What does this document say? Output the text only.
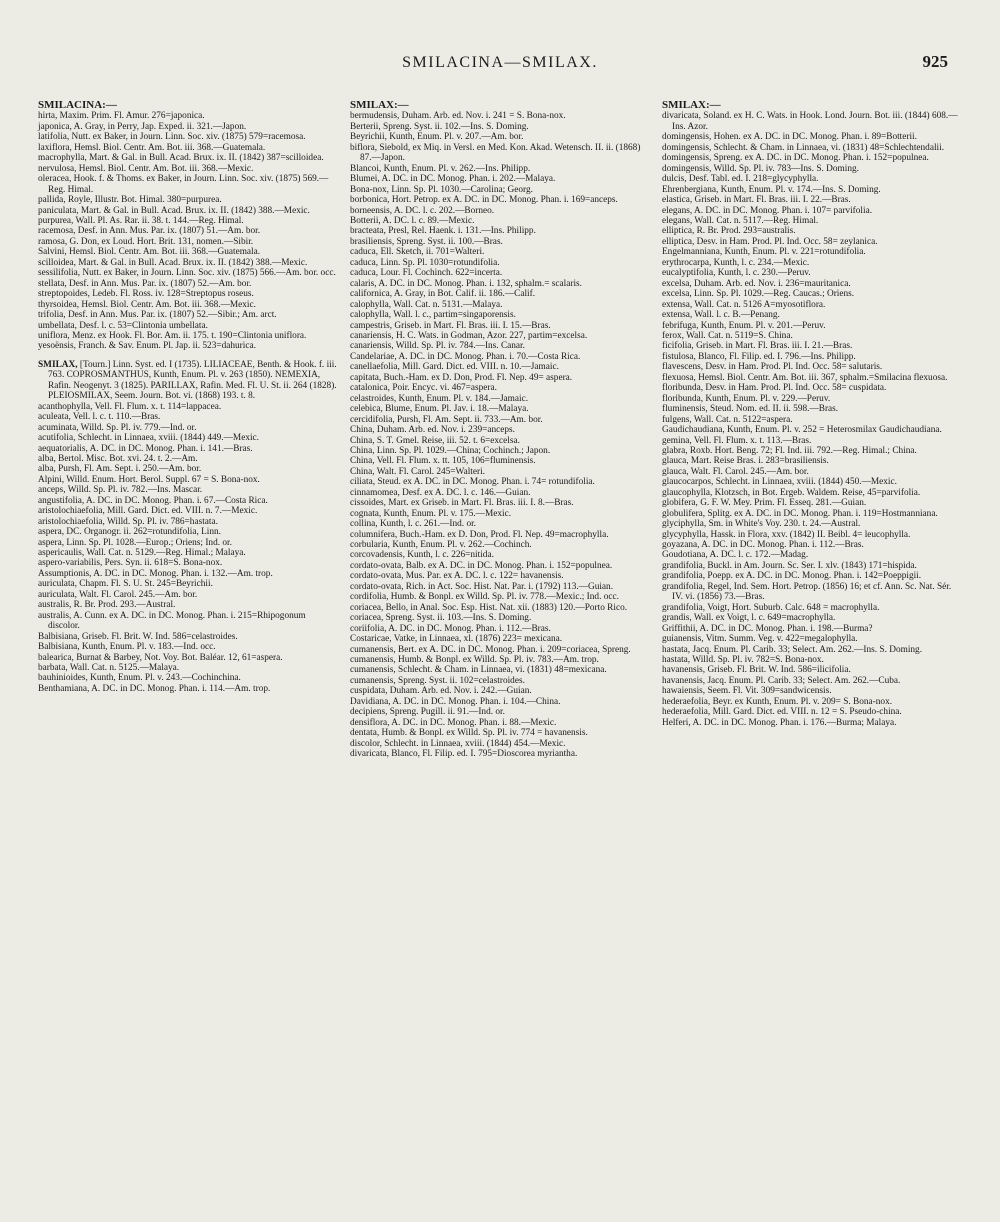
SMILACINA—SMILAX.	925
SMILACINA:—
hirta, Maxim. Prim. Fl. Amur. 276=japonica.
japonica, A. Gray, in Perry, Jap. Exped. ii. 321.—Japon.
latifolia, Nutt. ex Baker, in Journ. Linn. Soc. xiv. (1875) 579=racemosa.
laxiflora, Hemsl. Biol. Centr. Am. Bot. iii. 368.—Guatemala.
macrophylla, Mart. & Gal. in Bull. Acad. Brux. ix. II. (1842) 387=scilloidea.
nervulosa, Hemsl. Biol. Centr. Am. Bot. iii. 368.—Mexic.
oleracea, Hook. f. & Thoms. ex Baker, in Journ. Linn. Soc. xiv. (1875) 569.—Reg. Himal.
pallida, Royle, Illustr. Bot. Himal. 380=purpurea.
paniculata, Mart. & Gal. in Bull. Acad. Brux. ix. II. (1842) 388.—Mexic.
purpurea, Wall. Pl. As. Rar. ii. 38. t. 144.—Reg. Himal.
racemosa, Desf. in Ann. Mus. Par. ix. (1807) 51.—Am. bor.
ramosa, G. Don, ex Loud. Hort. Brit. 131, nomen.—Sibir.
Salvini, Hemsl. Biol. Centr. Am. Bot. iii. 368.—Guatemala.
scilloidea, Mart. & Gal. in Bull. Acad. Brux. ix. II. (1842) 388.—Mexic.
sessilifolia, Nutt. ex Baker, in Journ. Linn. Soc. xiv. (1875) 566.—Am. bor. occ.
stellata, Desf. in Ann. Mus. Par. ix. (1807) 52.—Am. bor.
streptopoides, Ledeb. Fl. Ross. iv. 128=Streptopus roseus.
thyrsoidea, Hemsl. Biol. Centr. Am. Bot. iii. 368.—Mexic.
trifolia, Desf. in Ann. Mus. Par. ix. (1807) 52.—Sibir.; Am. arct.
umbellata, Desf. l. c. 53=Clintonia umbellata.
uniflora, Menz. ex Hook. Fl. Bor. Am. ii. 175. t. 190=Clintonia uniflora.
yesoënsis, Franch. & Sav. Enum. Pl. Jap. ii. 523=dahurica.
SMILAX, [Tourn.] Linn. Syst. ed. I (1735). LILIACEAE, Benth. & Hook. f. iii. 763. COPROSMANTHUS, Kunth, Enum. Pl. v. 263 (1850). NEMEXIA, Rafin. Neogenyt. 3 (1825). PARILLAX, Rafin. Med. Fl. U. St. ii. 264 (1828). PLEIOSMILAX, Seem. Journ. Bot. vi. (1868) 193. t. 8.
acanthophylla, Vell. Fl. Flum. x. t. 114=lappacea.
aculeata, Vell. l. c. t. 110.—Bras.
acuminata, Willd. Sp. Pl. iv. 779.—Ind. or.
acutifolia, Schlecht. in Linnaea, xviii. (1844) 449.—Mexic.
aequatorialis, A. DC. in DC. Monog. Phan. i. 141.—Bras.
alba, Bertol. Misc. Bot. xvi. 24. t. 2.—Am.
alba, Pursh, Fl. Am. Sept. i. 250.—Am. bor.
Alpini, Willd. Enum. Hort. Berol. Suppl. 67 = S. Bona-nox.
anceps, Willd. Sp. Pl. iv. 782.—Ins. Mascar.
angustifolia, A. DC. in DC. Monog. Phan. i. 67.—Costa Rica.
aristolochiaefolia, Mill. Gard. Dict. ed. VIII. n. 7.—Mexic.
aristolochiaefolia, Willd. Sp. Pl. iv. 786=hastata.
aspera, DC. Organogr. ii. 262=rotundifolia, Linn.
aspera, Linn. Sp. Pl. 1028.—Europ.; Oriens; Ind. or.
aspericaulis, Wall. Cat. n. 5129.—Reg. Himal.; Malaya.
aspero-variabilis, Pers. Syn. ii. 618=S. Bona-nox.
Assumptionis, A. DC. in DC. Monog. Phan. i. 132.—Am. trop.
auriculata, Chapm. Fl. S. U. St. 245=Beyrichii.
auriculata, Walt. Fl. Carol. 245.—Am. bor.
australis, R. Br. Prod. 293.—Austral.
australis, A. Cunn. ex A. DC. in DC. Monog. Phan. i. 215=Rhipogonum discolor.
Balbisiana, Griseb. Fl. Brit. W. Ind. 586=celastroides.
Balbisiana, Kunth, Enum. Pl. v. 183.—Ind. occ.
balearica, Burnat & Barbey, Not. Voy. Bot. Baléar. 12, 61=aspera.
barbata, Wall. Cat. n. 5125.—Malaya.
bauhinioides, Kunth, Enum. Pl. v. 243.—Cochinchina.
Benthamiana, A. DC. in DC. Monog. Phan. i. 114.—Am. trop.
SMILAX:—
bermudensis, Duham. Arb. ed. Nov. i. 241 = S. Bona-nox.
Berterii, Spreng. Syst. ii. 102.—Ins. S. Doming.
Beyrichii, Kunth, Enum. Pl. v. 207.—Am. bor.
biflora, Siebold, ex Miq. in Versl. en Med. Kon. Akad. Wetensch. II. ii. (1868) 87.—Japon.
Blancoi, Kunth, Enum. Pl. v. 262.—Ins. Philipp.
Blumei, A. DC. in DC. Monog. Phan. i. 202.—Malaya.
Bona-nox, Linn. Sp. Pl. 1030.—Carolina; Georg.
borbonica, Hort. Petrop. ex A. DC. in DC. Monog. Phan. i. 169=anceps.
borneensis, A. DC. l. c. 202.—Borneo.
Botterii, A. DC. l. c. 89.—Mexic.
bracteata, Presl, Rel. Haenk. i. 131.—Ins. Philipp.
brasiliensis, Spreng. Syst. ii. 100.—Bras.
caduca, Ell. Sketch, ii. 701=Walteri.
caduca, Linn. Sp. Pl. 1030=rotundifolia.
caduca, Lour. Fl. Cochinch. 622=incerta.
calaris, A. DC. in DC. Monog. Phan. i. 132, sphalm.= scalaris.
californica, A. Gray, in Bot. Calif. ii. 186.—Calif.
calophylla, Wall. Cat. n. 5131.—Malaya.
calophylla, Wall. l. c., partim=singaporensis.
campestris, Griseb. in Mart. Fl. Bras. iii. I. 15.—Bras.
canariensis, H. C. Wats. in Godman, Azor. 227, partim=excelsa.
canariensis, Willd. Sp. Pl. iv. 784.—Ins. Canar.
Candelariae, A. DC. in DC. Monog. Phan. i. 70.—Costa Rica.
canellaefolia, Mill. Gard. Dict. ed. VIII. n. 10.—Jamaic.
capitata, Buch.-Ham. ex D. Don, Prod. Fl. Nep. 49= aspera.
catalonica, Poir. Encyc. vi. 467=aspera.
celastroides, Kunth, Enum. Pl. v. 184.—Jamaic.
celebica, Blume, Enum. Pl. Jav. i. 18.—Malaya.
cercidifolia, Pursh, Fl. Am. Sept. ii. 733.—Am. bor.
China, Duham. Arb. ed. Nov. i. 239=anceps.
China, S. T. Gmel. Reise, iii. 52. t. 6=excelsa.
China, Linn. Sp. Pl. 1029.—China; Cochinch.; Japon.
China, Vell. Fl. Flum. x. tt. 105, 106=fluminensis.
China, Walt. Fl. Carol. 245=Walteri.
ciliata, Steud. ex A. DC. in DC. Monog. Phan. i. 74= rotundifolia.
cinnamomea, Desf. ex A. DC. l. c. 146.—Guian.
cissoides, Mart. ex Griseb. in Mart. Fl. Bras. iii. I. 8.—Bras.
cognata, Kunth, Enum. Pl. v. 175.—Mexic.
collina, Kunth, l. c. 261.—Ind. or.
columnifera, Buch.-Ham. ex D. Don, Prod. Fl. Nep. 49=macrophylla.
corbularia, Kunth, Enum. Pl. v. 262.—Cochinch.
corcovadensis, Kunth, l. c. 226=nitida.
cordato-ovata, Balb. ex A. DC. in DC. Monog. Phan. i. 152=populnea.
cordato-ovata, Mus. Par. ex A. DC. l. c. 122= havanensis.
cordato-ovata, Rich. in Act. Soc. Hist. Nat. Par. i. (1792) 113.—Guian.
cordifolia, Humb. & Bonpl. ex Willd. Sp. Pl. iv. 778.—Mexic.; Ind. occ.
coriacea, Bello, in Anal. Soc. Esp. Hist. Nat. xii. (1883) 120.—Porto Rico.
coriacea, Spreng. Syst. ii. 103.—Ins. S. Doming.
coriifolia, A. DC. in DC. Monog. Phan. i. 112.—Bras.
Costaricae, Vatke, in Linnaea, xl. (1876) 223= mexicana.
cumanensis, Bert. ex A. DC. in DC. Monog. Phan. i. 209=coriacea, Spreng.
cumanensis, Humb. & Bonpl. ex Willd. Sp. Pl. iv. 783.—Am. trop.
cumanensis, Schlecht. & Cham. in Linnaea, vi. (1831) 48=mexicana.
cumanensis, Spreng. Syst. ii. 102=celastroides.
cuspidata, Duham. Arb. ed. Nov. i. 242.—Guian.
Davidiana, A. DC. in DC. Monog. Phan. i. 104.—China.
decipiens, Spreng. Pugill. ii. 91.—Ind. or.
densiflora, A. DC. in DC. Monog. Phan. i. 88.—Mexic.
dentata, Humb. & Bonpl. ex Willd. Sp. Pl. iv. 774 = havanensis.
discolor, Schlecht. in Linnaea, xviii. (1844) 454.—Mexic.
divaricata, Blanco, Fl. Filip. ed. I. 795=Dioscorea myriantha.
SMILAX:—
divaricata, Soland. ex H. C. Wats. in Hook. Lond. Journ. Bot. iii. (1844) 608.—Ins. Azor.
domingensis, Hohen. ex A. DC. in DC. Monog. Phan. i. 89=Botterii.
domingensis, Schlecht. & Cham. in Linnaea, vi. (1831) 48=Schlechtendalii.
domingensis, Spreng. ex A. DC. in DC. Monog. Phan. i. 152=populnea.
domingensis, Willd. Sp. Pl. iv. 783—Ins. S. Doming.
dulcis, Desf. Tabl. ed. I. 218=glycyphylla.
Ehrenbergiana, Kunth, Enum. Pl. v. 174.—Ins. S. Doming.
elastica, Griseb. in Mart. Fl. Bras. iii. I. 22.—Bras.
elegans, A. DC. in DC. Monog. Phan. i. 107= parvifolia.
elegans, Wall. Cat. n. 5117.—Reg. Himal.
elliptica, R. Br. Prod. 293=australis.
elliptica, Desv. in Ham. Prod. Pl. Ind. Occ. 58= zeylanica.
Engelmanniana, Kunth, Enum. Pl. v. 221=rotundifolia.
erythrocarpa, Kunth, l. c. 234.—Mexic.
eucalyptifolia, Kunth, l. c. 230.—Peruv.
excelsa, Duham. Arb. ed. Nov. i. 236=mauritanica.
excelsa, Linn. Sp. Pl. 1029.—Reg. Caucas.; Oriens.
extensa, Wall. Cat. n. 5126 A=myosotiflora.
extensa, Wall. l. c. B.—Penang.
febrifuga, Kunth, Enum. Pl. v. 201.—Peruv.
ferox, Wall. Cat. n. 5119=S. China.
ficifolia, Griseb. in Mart. Fl. Bras. iii. I. 21.—Bras.
fistulosa, Blanco, Fl. Filip. ed. I. 796.—Ins. Philipp.
flavescens, Desv. in Ham. Prod. Pl. Ind. Occ. 58= salutaris.
flexuosa, Hemsl. Biol. Centr. Am. Bot. iii. 367, sphalm.=Smilacina flexuosa.
floribunda, Desv. in Ham. Prod. Pl. Ind. Occ. 58= cuspidata.
floribunda, Kunth, Enum. Pl. v. 229.—Peruv.
fluminensis, Steud. Nom. ed. II. ii. 598.—Bras.
fulgens, Wall. Cat. n. 5122=aspera.
Gaudichaudiana, Kunth, Enum. Pl. v. 252 = Heterosmilax Gaudichaudiana.
gemina, Vell. Fl. Flum. x. t. 113.—Bras.
glabra, Roxb. Hort. Beng. 72; Fl. Ind. iii. 792.—Reg. Himal.; China.
glauca, Mart. Reise Bras. i. 283=brasiliensis.
glauca, Walt. Fl. Carol. 245.—Am. bor.
glaucocarpos, Schlecht. in Linnaea, xviii. (1844) 450.—Mexic.
glaucophylla, Klotzsch, in Bot. Ergeb. Waldem. Reise, 45=parvifolia.
globifera, G. F. W. Mey. Prim. Fl. Esseq. 281.—Guian.
globulifera, Splitg. ex A. DC. in DC. Monog. Phan. i. 119=Hostmanniana.
glyciphylla, Sm. in White's Voy. 230. t. 24.—Austral.
glycyphylla, Hassk. in Flora, xxv. (1842) II. Beibl. 4= leucophylla.
goyazana, A. DC. in DC. Monog. Phan. i. 112.—Bras.
Goudotiana, A. DC. l. c. 172.—Madag.
grandifolia, Buckl. in Am. Journ. Sc. Ser. I. xlv. (1843) 171=hispida.
grandifolia, Poepp. ex A. DC. in DC. Monog. Phan. i. 142=Poeppigii.
grandifolia, Regel, Ind. Sem. Hort. Petrop. (1856) 16; et cf. Ann. Sc. Nat. Sér. IV. vi. (1856) 73.—Bras.
grandifolia, Voigt, Hort. Suburb. Calc. 648 = macrophylla.
grandis, Wall. ex Voigt, l. c. 649=macrophylla.
Griffithii, A. DC. in DC. Monog. Phan. i. 198.—Burma?
guianensis, Vitm. Summ. Veg. v. 422=megalophylla.
hastata, Jacq. Enum. Pl. Carib. 33; Select. Am. 262.—Ins. S. Doming.
hastata, Willd. Sp. Pl. iv. 782=S. Bona-nox.
havanensis, Griseb. Fl. Brit. W. Ind. 586=ilicifolia.
havanensis, Jacq. Enum. Pl. Carib. 33; Select. Am. 262.—Cuba.
hawaiensis, Seem. Fl. Vit. 309=sandwicensis.
hederaefolia, Beyr. ex Kunth, Enum. Pl. v. 209= S. Bona-nox.
hederaefolia, Mill. Gard. Dict. ed. VIII. n. 12 = S. Pseudo-china.
Helferi, A. DC. in DC. Monog. Phan. i. 176.—Burma; Malaya.
